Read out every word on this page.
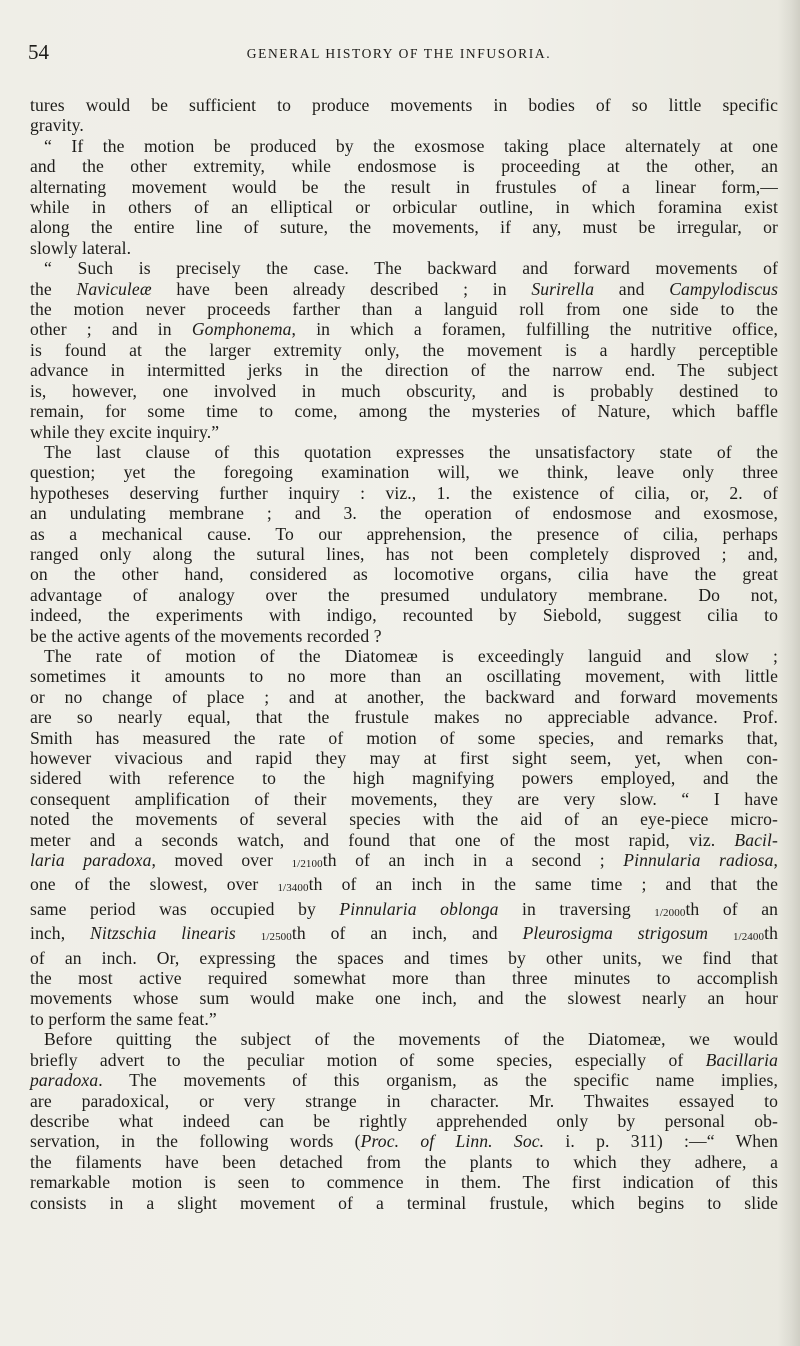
54	GENERAL HISTORY OF THE INFUSORIA.
tures would be sufficient to produce movements in bodies of so little specific
gravity.
“ If the motion be produced by the exosmose taking place alternately at one
and the other extremity, while endosmose is proceeding at the other, an
alternating movement would be the result in frustules of a linear form,—
while in others of an elliptical or orbicular outline, in which foramina exist
along the entire line of suture, the movements, if any, must be irregular, or
slowly lateral.
“ Such is precisely the case. The backward and forward movements of
the Naviculeæ have been already described ; in Surirella and Campylodiscus
the motion never proceeds farther than a languid roll from one side to the
other ; and in Gomphonema, in which a foramen, fulfilling the nutritive office,
is found at the larger extremity only, the movement is a hardly perceptible
advance in intermitted jerks in the direction of the narrow end. The subject
is, however, one involved in much obscurity, and is probably destined to
remain, for some time to come, among the mysteries of Nature, which baffle
while they excite inquiry.”
The last clause of this quotation expresses the unsatisfactory state of the
question; yet the foregoing examination will, we think, leave only three
hypotheses deserving further inquiry : viz., 1. the existence of cilia, or, 2. of
an undulating membrane ; and 3. the operation of endosmose and exosmose,
as a mechanical cause. To our apprehension, the presence of cilia, perhaps
ranged only along the sutural lines, has not been completely disproved ; and,
on the other hand, considered as locomotive organs, cilia have the great
advantage of analogy over the presumed undulatory membrane. Do not,
indeed, the experiments with indigo, recounted by Siebold, suggest cilia to
be the active agents of the movements recorded ?
The rate of motion of the Diatomeæ is exceedingly languid and slow ;
sometimes it amounts to no more than an oscillating movement, with little
or no change of place ; and at another, the backward and forward movements
are so nearly equal, that the frustule makes no appreciable advance. Prof.
Smith has measured the rate of motion of some species, and remarks that,
however vivacious and rapid they may at first sight seem, yet, when con-
sidered with reference to the high magnifying powers employed, and the
consequent amplification of their movements, they are very slow. “ I have
noted the movements of several species with the aid of an eye-piece micro-
meter and a seconds watch, and found that one of the most rapid, viz. Bacil-
laria paradoxa, moved over 1/2100th of an inch in a second ; Pinnularia radiosa,
one of the slowest, over 1/3400th of an inch in the same time ; and that the
same period was occupied by Pinnularia oblonga in traversing 1/2000th of an
inch, Nitzschia linearis 1/2500th of an inch, and Pleurosigma strigosum 1/2400th
of an inch. Or, expressing the spaces and times by other units, we find that
the most active required somewhat more than three minutes to accomplish
movements whose sum would make one inch, and the slowest nearly an hour
to perform the same feat.”
Before quitting the subject of the movements of the Diatomeæ, we would
briefly advert to the peculiar motion of some species, especially of Bacillaria
paradoxa. The movements of this organism, as the specific name implies,
are paradoxical, or very strange in character. Mr. Thwaites essayed to
describe what indeed can be rightly apprehended only by personal ob-
servation, in the following words (Proc. of Linn. Soc. i. p. 311) :—“ When
the filaments have been detached from the plants to which they adhere, a
remarkable motion is seen to commence in them. The first indication of this
consists in a slight movement of a terminal frustule, which begins to slide
